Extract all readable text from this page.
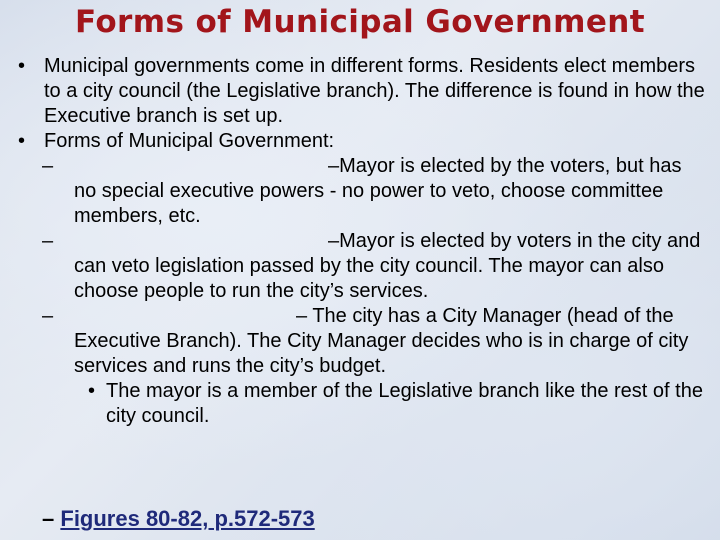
Forms of Municipal Government

• Municipal governments come in different forms. Residents elect members to a city council (the Legislative branch). The difference is found in how the Executive branch is set up.

• Forms of Municipal Government:

–	–Mayor is elected by the voters, but has no special executive powers - no power to veto, choose committee members, etc.

–	–Mayor is elected by voters in the city and can veto legislation passed by the city council. The mayor can also choose people to run the city’s services.

–	– The city has a City Manager (head of the Executive Branch). The City Manager decides who is in charge of city services and runs the city’s budget.

• The mayor is a member of the Legislative branch like the rest of the city council.

– Figures 80-82, p.572-573
